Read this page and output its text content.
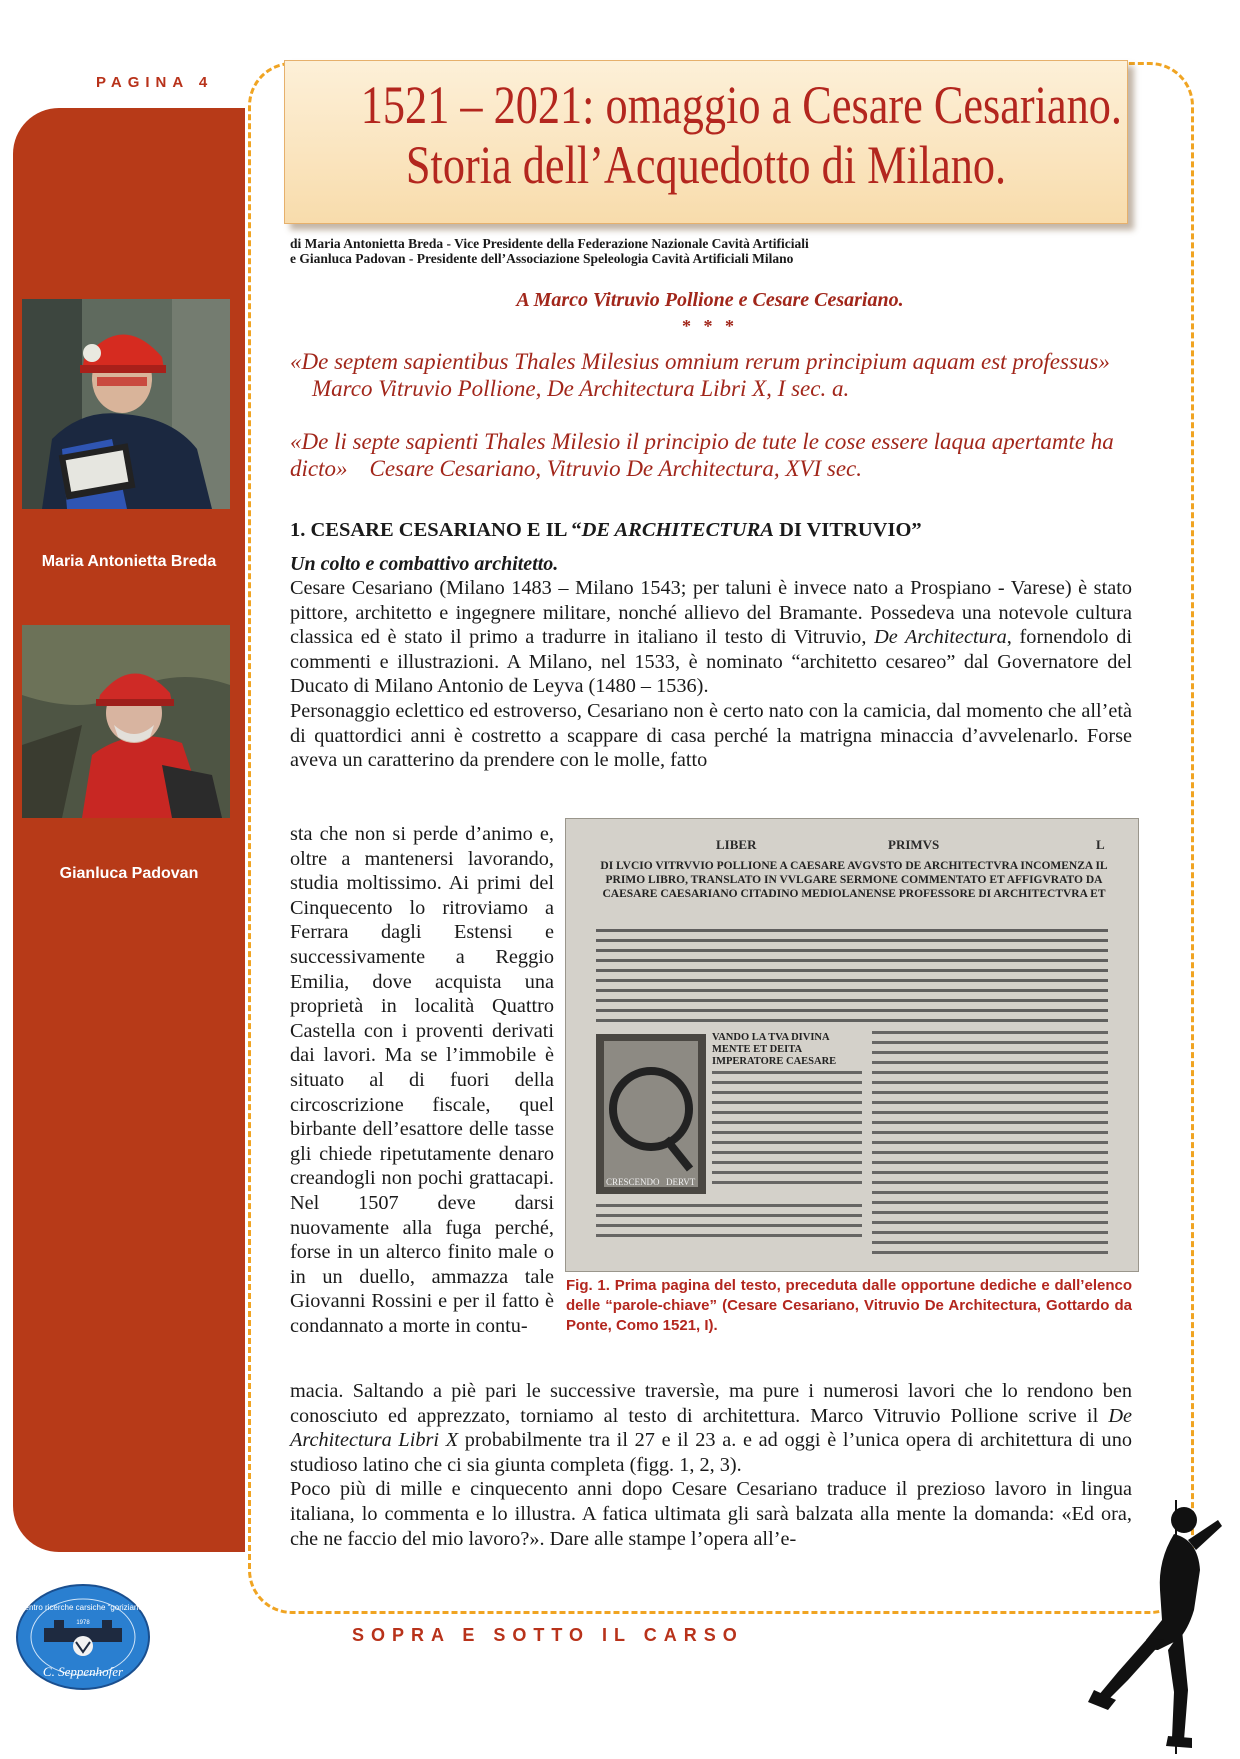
PAGINA 4
Maria Antonietta Breda
Gianluca Padovan
1521 – 2021: omaggio a Cesare Cesariano.
Storia dell’Acquedotto di Milano.
di Maria Antonietta Breda - Vice Presidente della Federazione Nazionale Cavità Artificiali
e Gianluca Padovan - Presidente dell’Associazione Speleologia Cavità Artificiali Milano
A Marco Vitruvio Pollione e Cesare Cesariano.
* * *
«De septem sapientibus Thales Milesius omnium rerum principium aquam est professus»Marco Vitruvio Pollione, De Architectura Libri X, I sec. a.
«De li septe sapienti Thales Milesio il principio de tute le cose essere laqua apertamte ha dicto» Cesare Cesariano, Vitruvio De Architectura, XVI sec.
1. CESARE CESARIANO E IL “DE ARCHITECTURA DI VITRUVIO”
Un colto e combattivo architetto.

Cesare Cesariano (Milano 1483 – Milano 1543; per taluni è invece nato a Prospiano - Varese) è stato pittore, architetto e ingegnere militare, nonché allievo del Bramante. Possedeva una notevole cultura classica ed è stato il primo a tradurre in italiano il testo di Vitruvio, De Architectura, fornendolo di commenti e illustrazioni. A Milano, nel 1533, è nominato “architetto cesareo” dal Governatore del Ducato di Milano Antonio de Leyva (1480 – 1536).

Personaggio eclettico ed estroverso, Cesariano non è certo nato con la camicia, dal momento che all’età di quattordici anni è costretto a scappare di casa perché la matrigna minaccia d’avvelenarlo. Forse aveva un caratterino da prendere con le molle, fatto

sta che non si perde d’animo e, oltre a mantenersi lavorando, studia moltissimo. Ai primi del Cinquecento lo ritroviamo a Ferrara dagli Estensi e successivamente a Reggio Emilia, dove acquista una proprietà in località Quattro Castella con i proventi derivati dai lavori. Ma se l’immobile è situato al di fuori della circoscrizione fiscale, quel birbante dell’esattore delle tasse gli chiede ripetutamente denaro creandogli non pochi grattacapi. Nel 1507 deve darsi nuovamente alla fuga perché, forse in un alterco finito male o in un duello, ammazza tale Giovanni Rossini e per il fatto è condannato a morte in contu-
LIBER	PRIMVS	L
DI LVCIO VITRVVIO POLLIONE A CAESARE AVGVSTO DE ARCHITECTVRA INCOMENZA IL PRIMO LIBRO, TRANSLATO IN VVLGARE SERMONE COMMENTATO ET AFFIGVRATO DA CAESARE CAESARIANO CITADINO MEDIOLANENSE PROFESSORE DI ARCHITECTVRA ET
CRESCENDO DERVT
VANDO LA TVA DIVINA MENTE ET DEITA IMPERATORE CAESARE
Fig. 1. Prima pagina del testo, preceduta dalle opportune dediche e dall’elenco delle “parole-chiave” (Cesare Cesariano, Vitruvio De Architectura, Gottardo da Ponte, Como 1521, I).

macia. Saltando a piè pari le successive traversìe, ma pure i numerosi lavori che lo rendono ben conosciuto ed apprezzato, torniamo al testo di architettura. Marco Vitruvio Pollione scrive il De Architectura Libri X probabilmente tra il 27 e il 23 a. e ad oggi è l’unica opera di architettura di uno studioso latino che ci sia giunta completa (figg. 1, 2, 3).

Poco più di mille e cinquecento anni dopo Cesare Cesariano traduce il prezioso lavoro in lingua italiana, lo commenta e lo illustra. A fatica ultimata gli sarà balzata alla mente la domanda: «Ed ora, che ne faccio del mio lavoro?». Dare alle stampe l’opera all’e-

SOPRA E SOTTO IL CARSO
centro ricerche carsiche “goriziane”
C. Seppenhofer
1978
